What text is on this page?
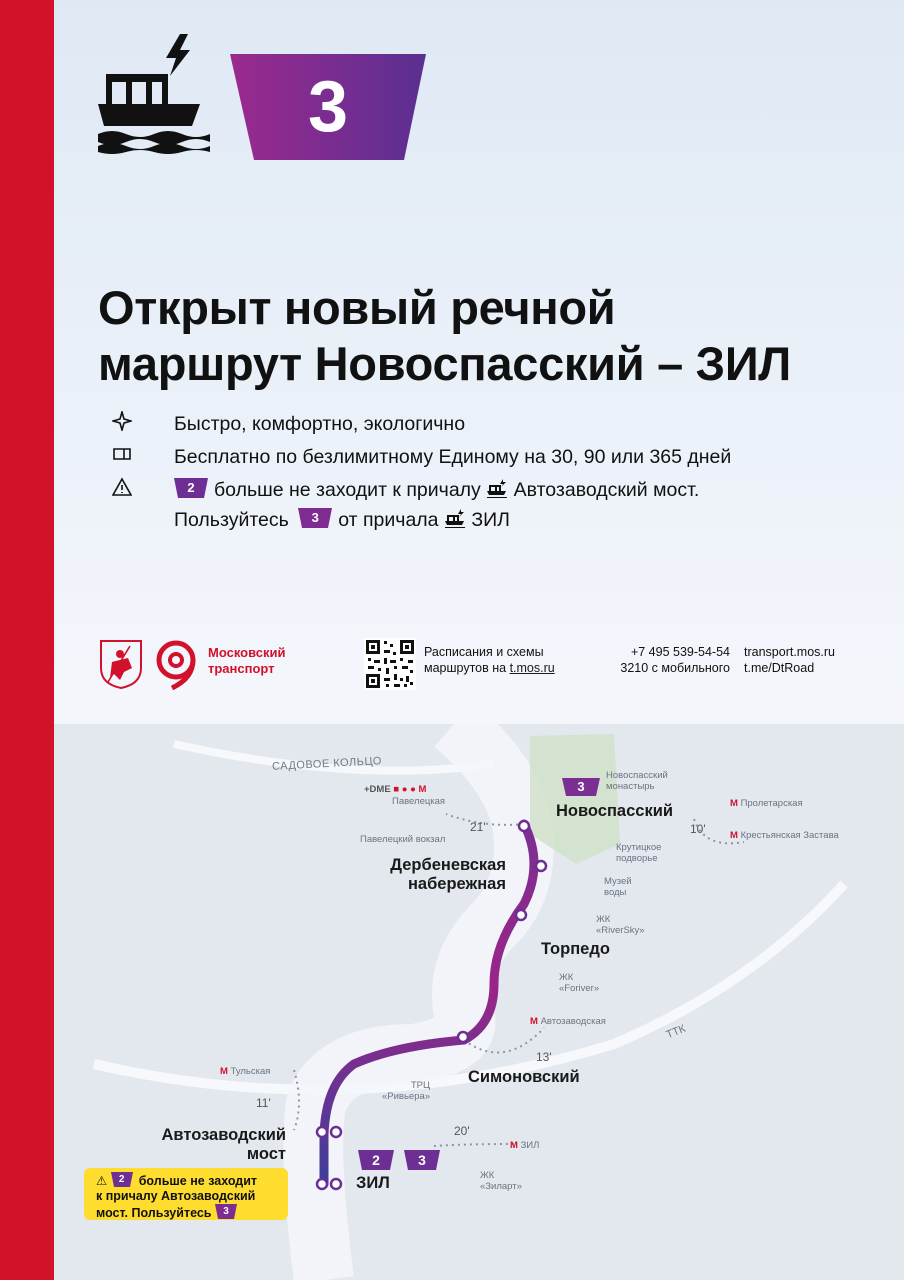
3
Открыт новый речной
маршрут Новоспасский – ЗИЛ
Быстро, комфортно, экологично
Бесплатно по безлимитному Единому на 30, 90 или 365 дней
2 больше не заходит к причалу Автозаводский мост.
Пользуйтесь	3 от причала ЗИЛ
Московский
транспорт
Расписания и схемы
маршрутов на t.mos.ru
+7 495 539-54-54
3210 с мобильного
transport.mos.ru
t.me/DtRoad
САДОВОЕ КОЛЬЦО
ТТК
3
Новоспасский
Дербеневская
набережная
Торпедо
Симоновский
Автозаводский
мост
ЗИЛ
2	3
Новоспасский
монастырь
Крутицкое
подворье
Музей
воды
ЖК
«RiverSky»
ЖК
«Foriver»
ТРЦ
«Ривьера»
ЖК
«Зиларт»
Павелецкий вокзал
+DME ■ ● ● M
Павелецкая	M Пролетарская
M Крестьянская Застава
M Автозаводская
M Тульская
M ЗИЛ
21'	10'
13'
11'
20'
⚠	2	больше не заходит
к причалу Автозаводский
мост. Пользуйтесь	3
